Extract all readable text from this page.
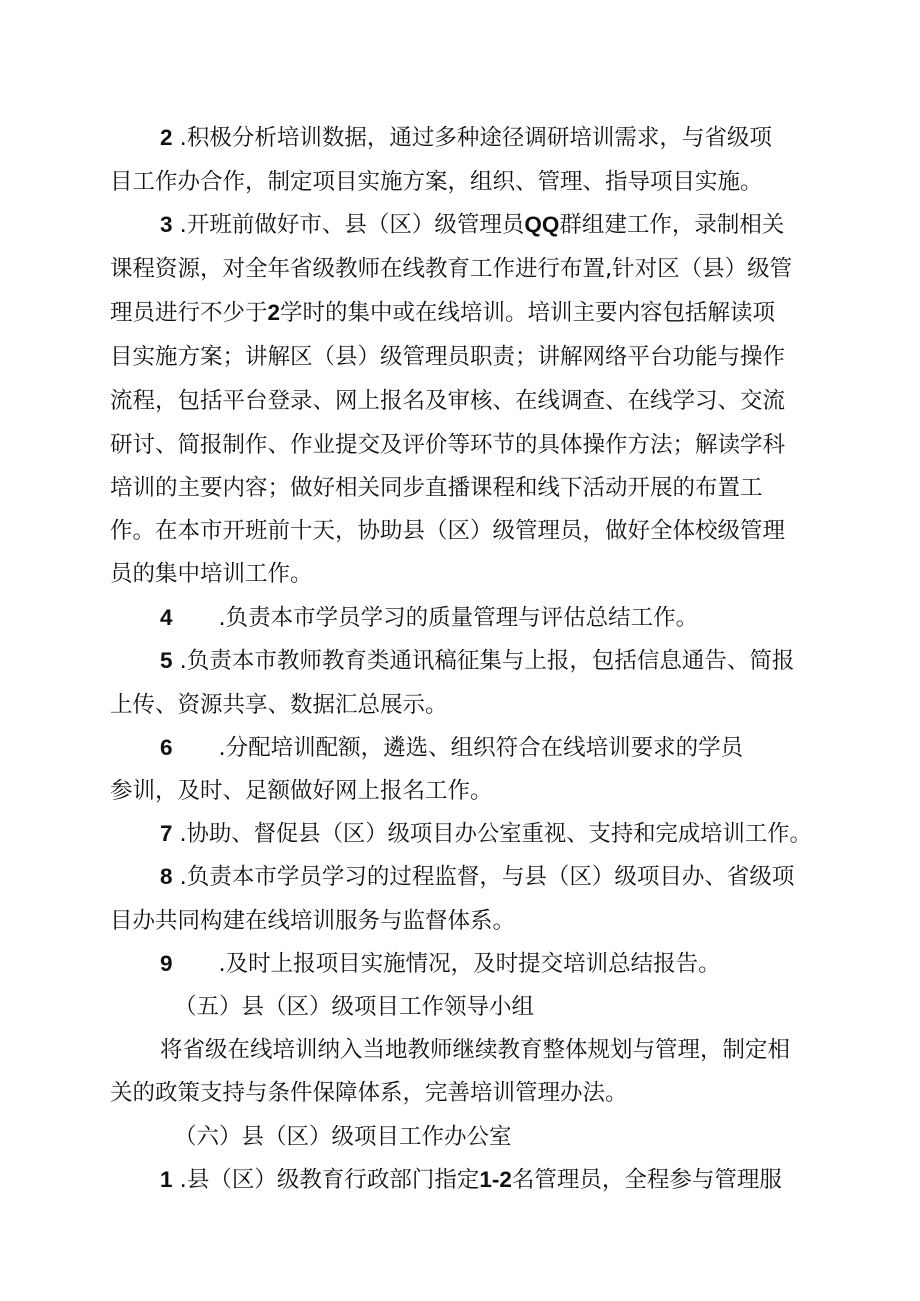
2 .积极分析培训数据，通过多种途径调研培训需求，与省级项
目工作办合作，制定项目实施方案，组织、管理、指导项目实施。
3 .开班前做好市、县（区）级管理员QQ群组建工作，录制相关
课程资源，对全年省级教师在线教育工作进行布置,针对区（县）级管
理员进行不少于2学时的集中或在线培训。培训主要内容包括解读项
目实施方案；讲解区（县）级管理员职责；讲解网络平台功能与操作
流程，包括平台登录、网上报名及审核、在线调查、在线学习、交流
研讨、简报制作、作业提交及评价等环节的具体操作方法；解读学科
培训的主要内容；做好相关同步直播课程和线下活动开展的布置工
作。在本市开班前十天，协助县（区）级管理员，做好全体校级管理
员的集中培训工作。
4 .负责本市学员学习的质量管理与评估总结工作。
5 .负责本市教师教育类通讯稿征集与上报，包括信息通告、简报
上传、资源共享、数据汇总展示。
6 .分配培训配额，遴选、组织符合在线培训要求的学员
参训，及时、足额做好网上报名工作。
7 .协助、督促县（区）级项目办公室重视、支持和完成培训工作。
8 .负责本市学员学习的过程监督，与县（区）级项目办、省级项
目办共同构建在线培训服务与监督体系。
9 .及时上报项目实施情况，及时提交培训总结报告。
（五）县（区）级项目工作领导小组
将省级在线培训纳入当地教师继续教育整体规划与管理，制定相
关的政策支持与条件保障体系，完善培训管理办法。
（六）县（区）级项目工作办公室
1 .县（区）级教育行政部门指定1-2名管理员，全程参与管理服
